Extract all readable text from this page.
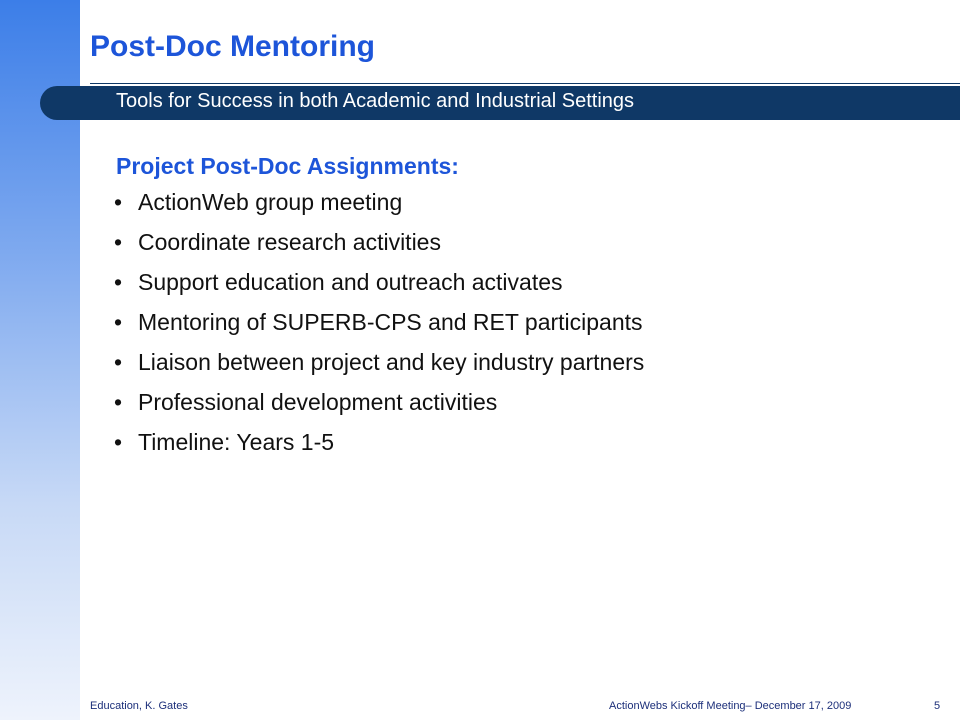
Post-Doc Mentoring
Tools for Success in both Academic and Industrial Settings
Project Post-Doc Assignments:
• ActionWeb group meeting
• Coordinate research activities
• Support education and outreach activates
• Mentoring of SUPERB-CPS and RET participants
• Liaison between project and key industry partners
• Professional development activities
• Timeline: Years 1-5
Education, K. Gates	ActionWebs Kickoff Meeting– December 17, 2009	5
